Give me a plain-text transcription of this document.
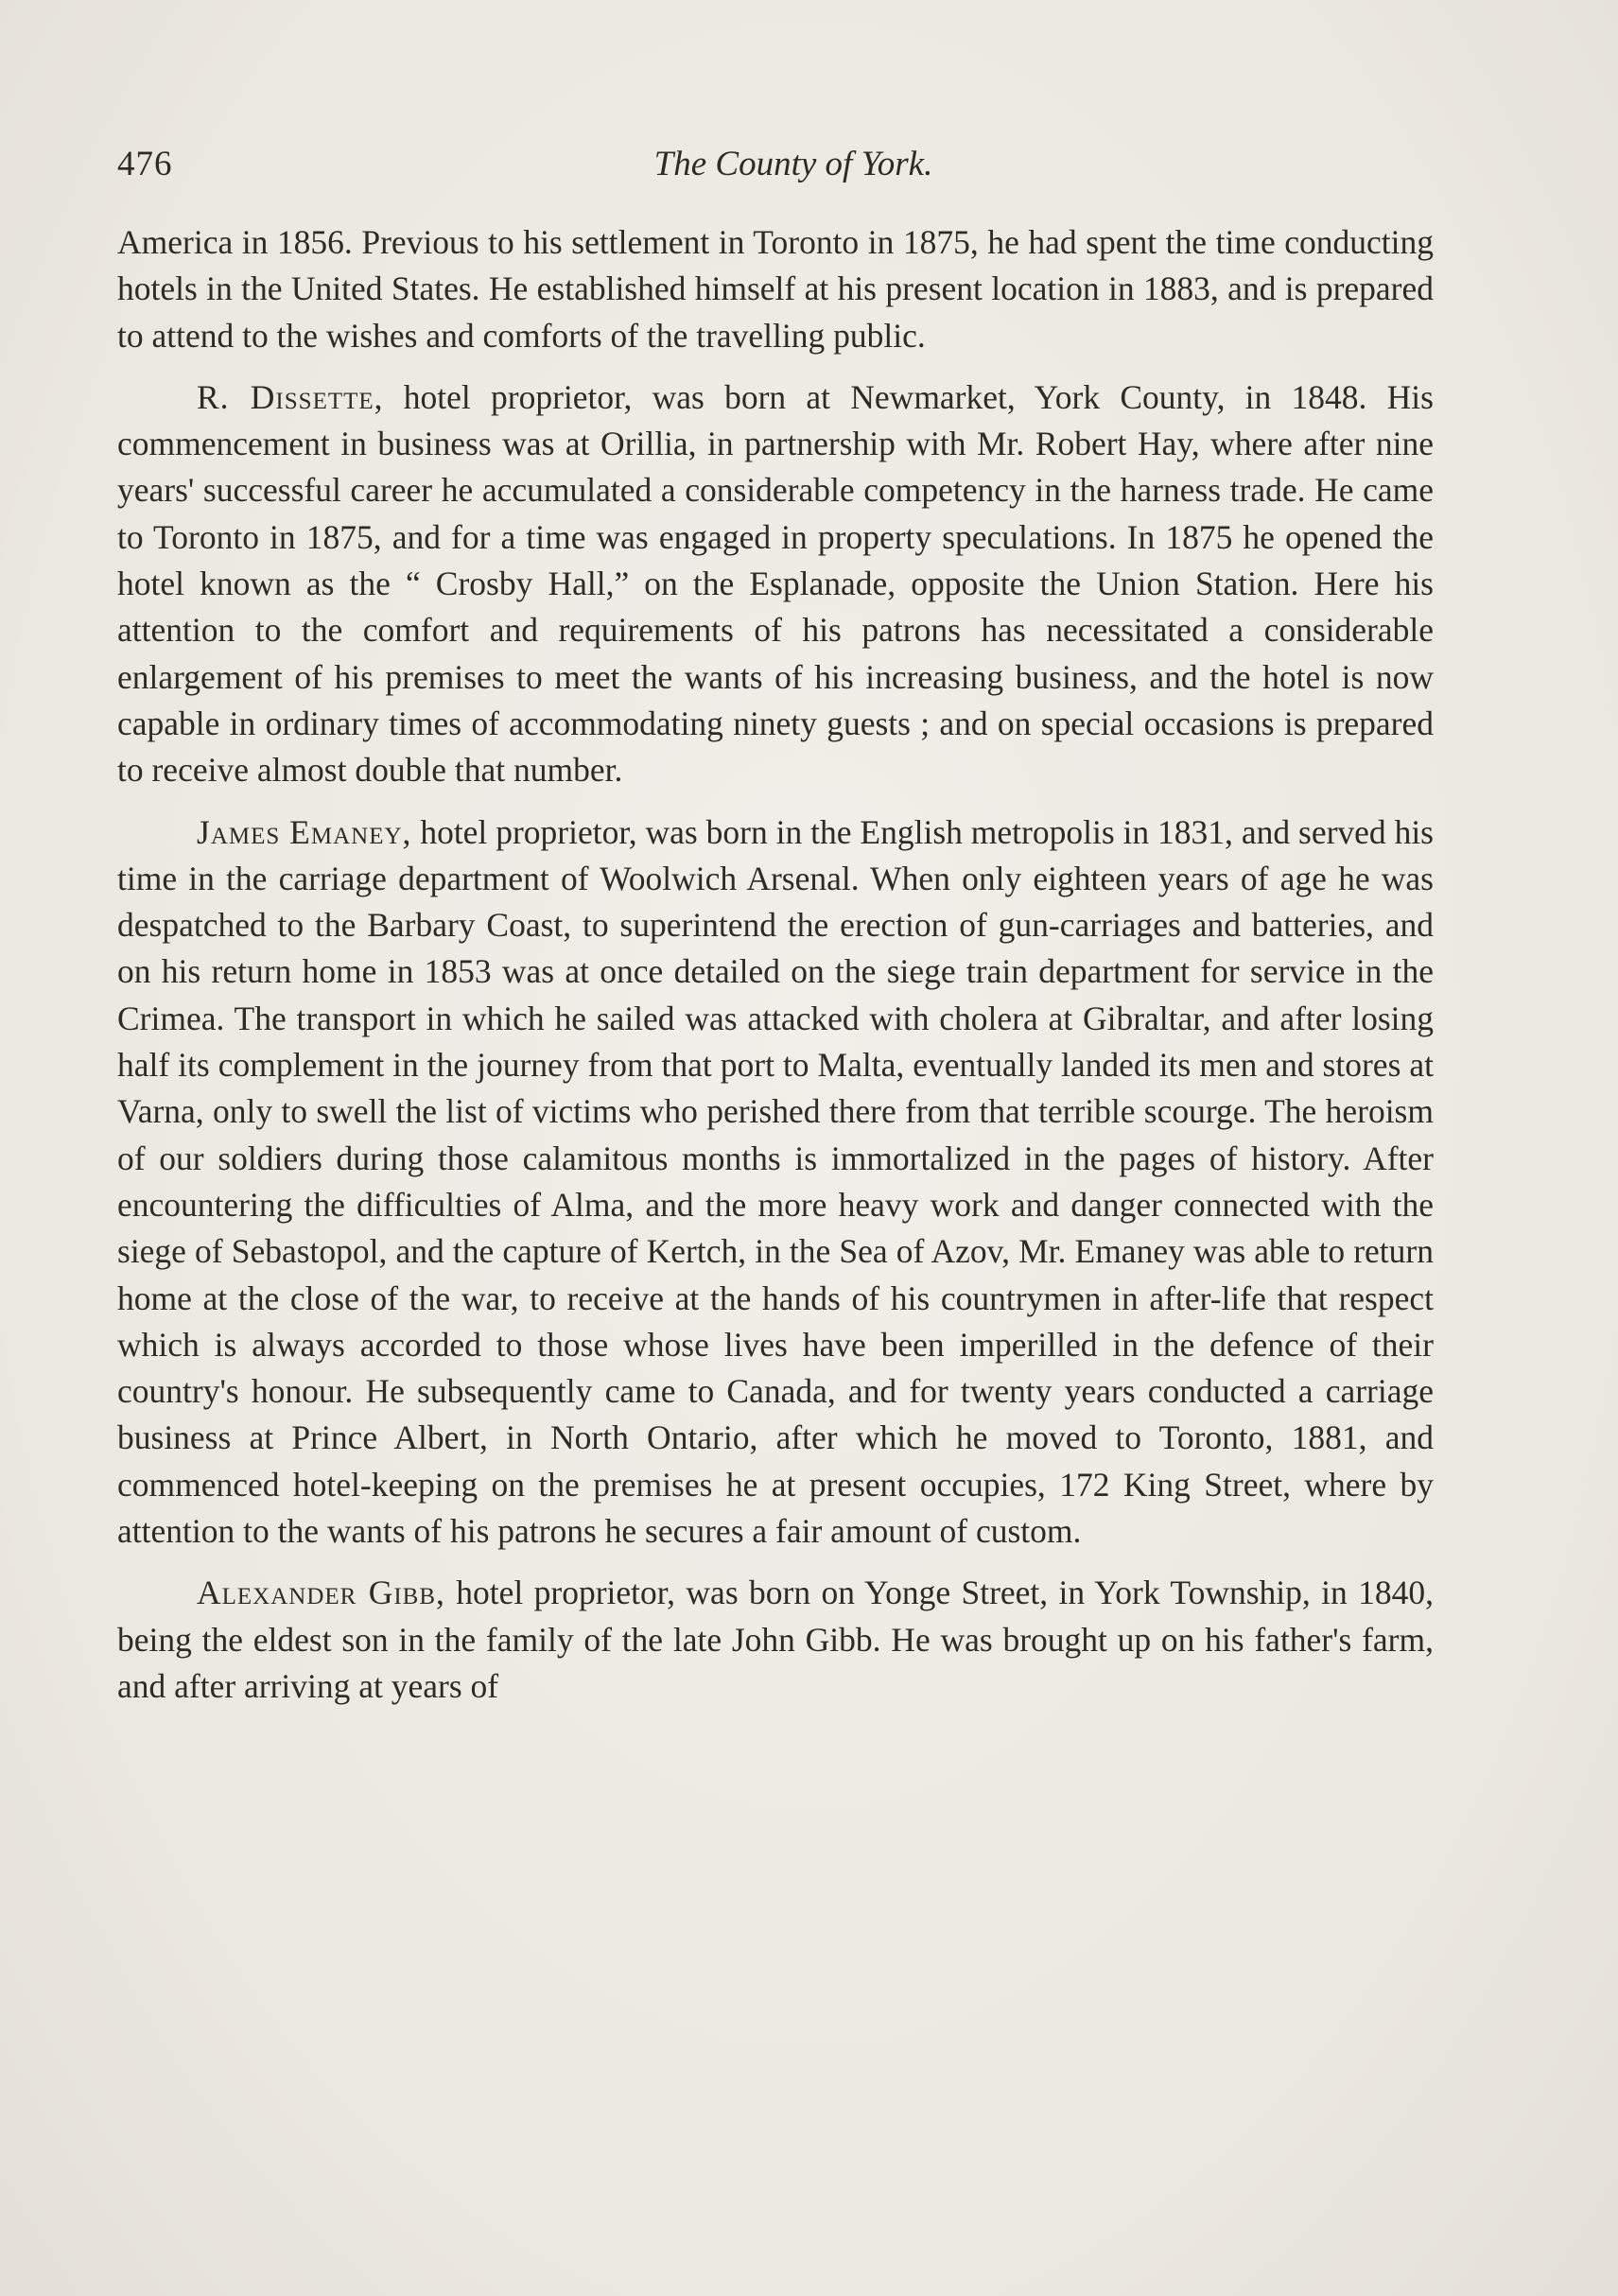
476	The County of York.

America in 1856. Previous to his settlement in Toronto in 1875, he had spent the time conducting hotels in the United States. He established himself at his present location in 1883, and is prepared to attend to the wishes and comforts of the travelling public.

R. Dissette, hotel proprietor, was born at Newmarket, York County, in 1848. His commencement in business was at Orillia, in partnership with Mr. Robert Hay, where after nine years' successful career he accumulated a considerable competency in the harness trade. He came to Toronto in 1875, and for a time was engaged in property speculations. In 1875 he opened the hotel known as the “ Crosby Hall,” on the Esplanade, opposite the Union Station. Here his attention to the comfort and requirements of his patrons has necessitated a considerable enlargement of his premises to meet the wants of his increasing business, and the hotel is now capable in ordinary times of accommodating ninety guests ; and on special occasions is prepared to receive almost double that number.

James Emaney, hotel proprietor, was born in the English metropolis in 1831, and served his time in the carriage department of Woolwich Arsenal. When only eighteen years of age he was despatched to the Barbary Coast, to superintend the erection of gun-carriages and batteries, and on his return home in 1853 was at once detailed on the siege train department for service in the Crimea. The transport in which he sailed was attacked with cholera at Gibraltar, and after losing half its complement in the journey from that port to Malta, eventually landed its men and stores at Varna, only to swell the list of victims who perished there from that terrible scourge. The heroism of our soldiers during those calamitous months is immortalized in the pages of history. After encountering the difficulties of Alma, and the more heavy work and danger connected with the siege of Sebastopol, and the capture of Kertch, in the Sea of Azov, Mr. Emaney was able to return home at the close of the war, to receive at the hands of his countrymen in after-life that respect which is always accorded to those whose lives have been imperilled in the defence of their country's honour. He subsequently came to Canada, and for twenty years conducted a carriage business at Prince Albert, in North Ontario, after which he moved to Toronto, 1881, and commenced hotel-keeping on the premises he at present occupies, 172 King Street, where by attention to the wants of his patrons he secures a fair amount of custom.

Alexander Gibb, hotel proprietor, was born on Yonge Street, in York Township, in 1840, being the eldest son in the family of the late John Gibb. He was brought up on his father's farm, and after arriving at years of
